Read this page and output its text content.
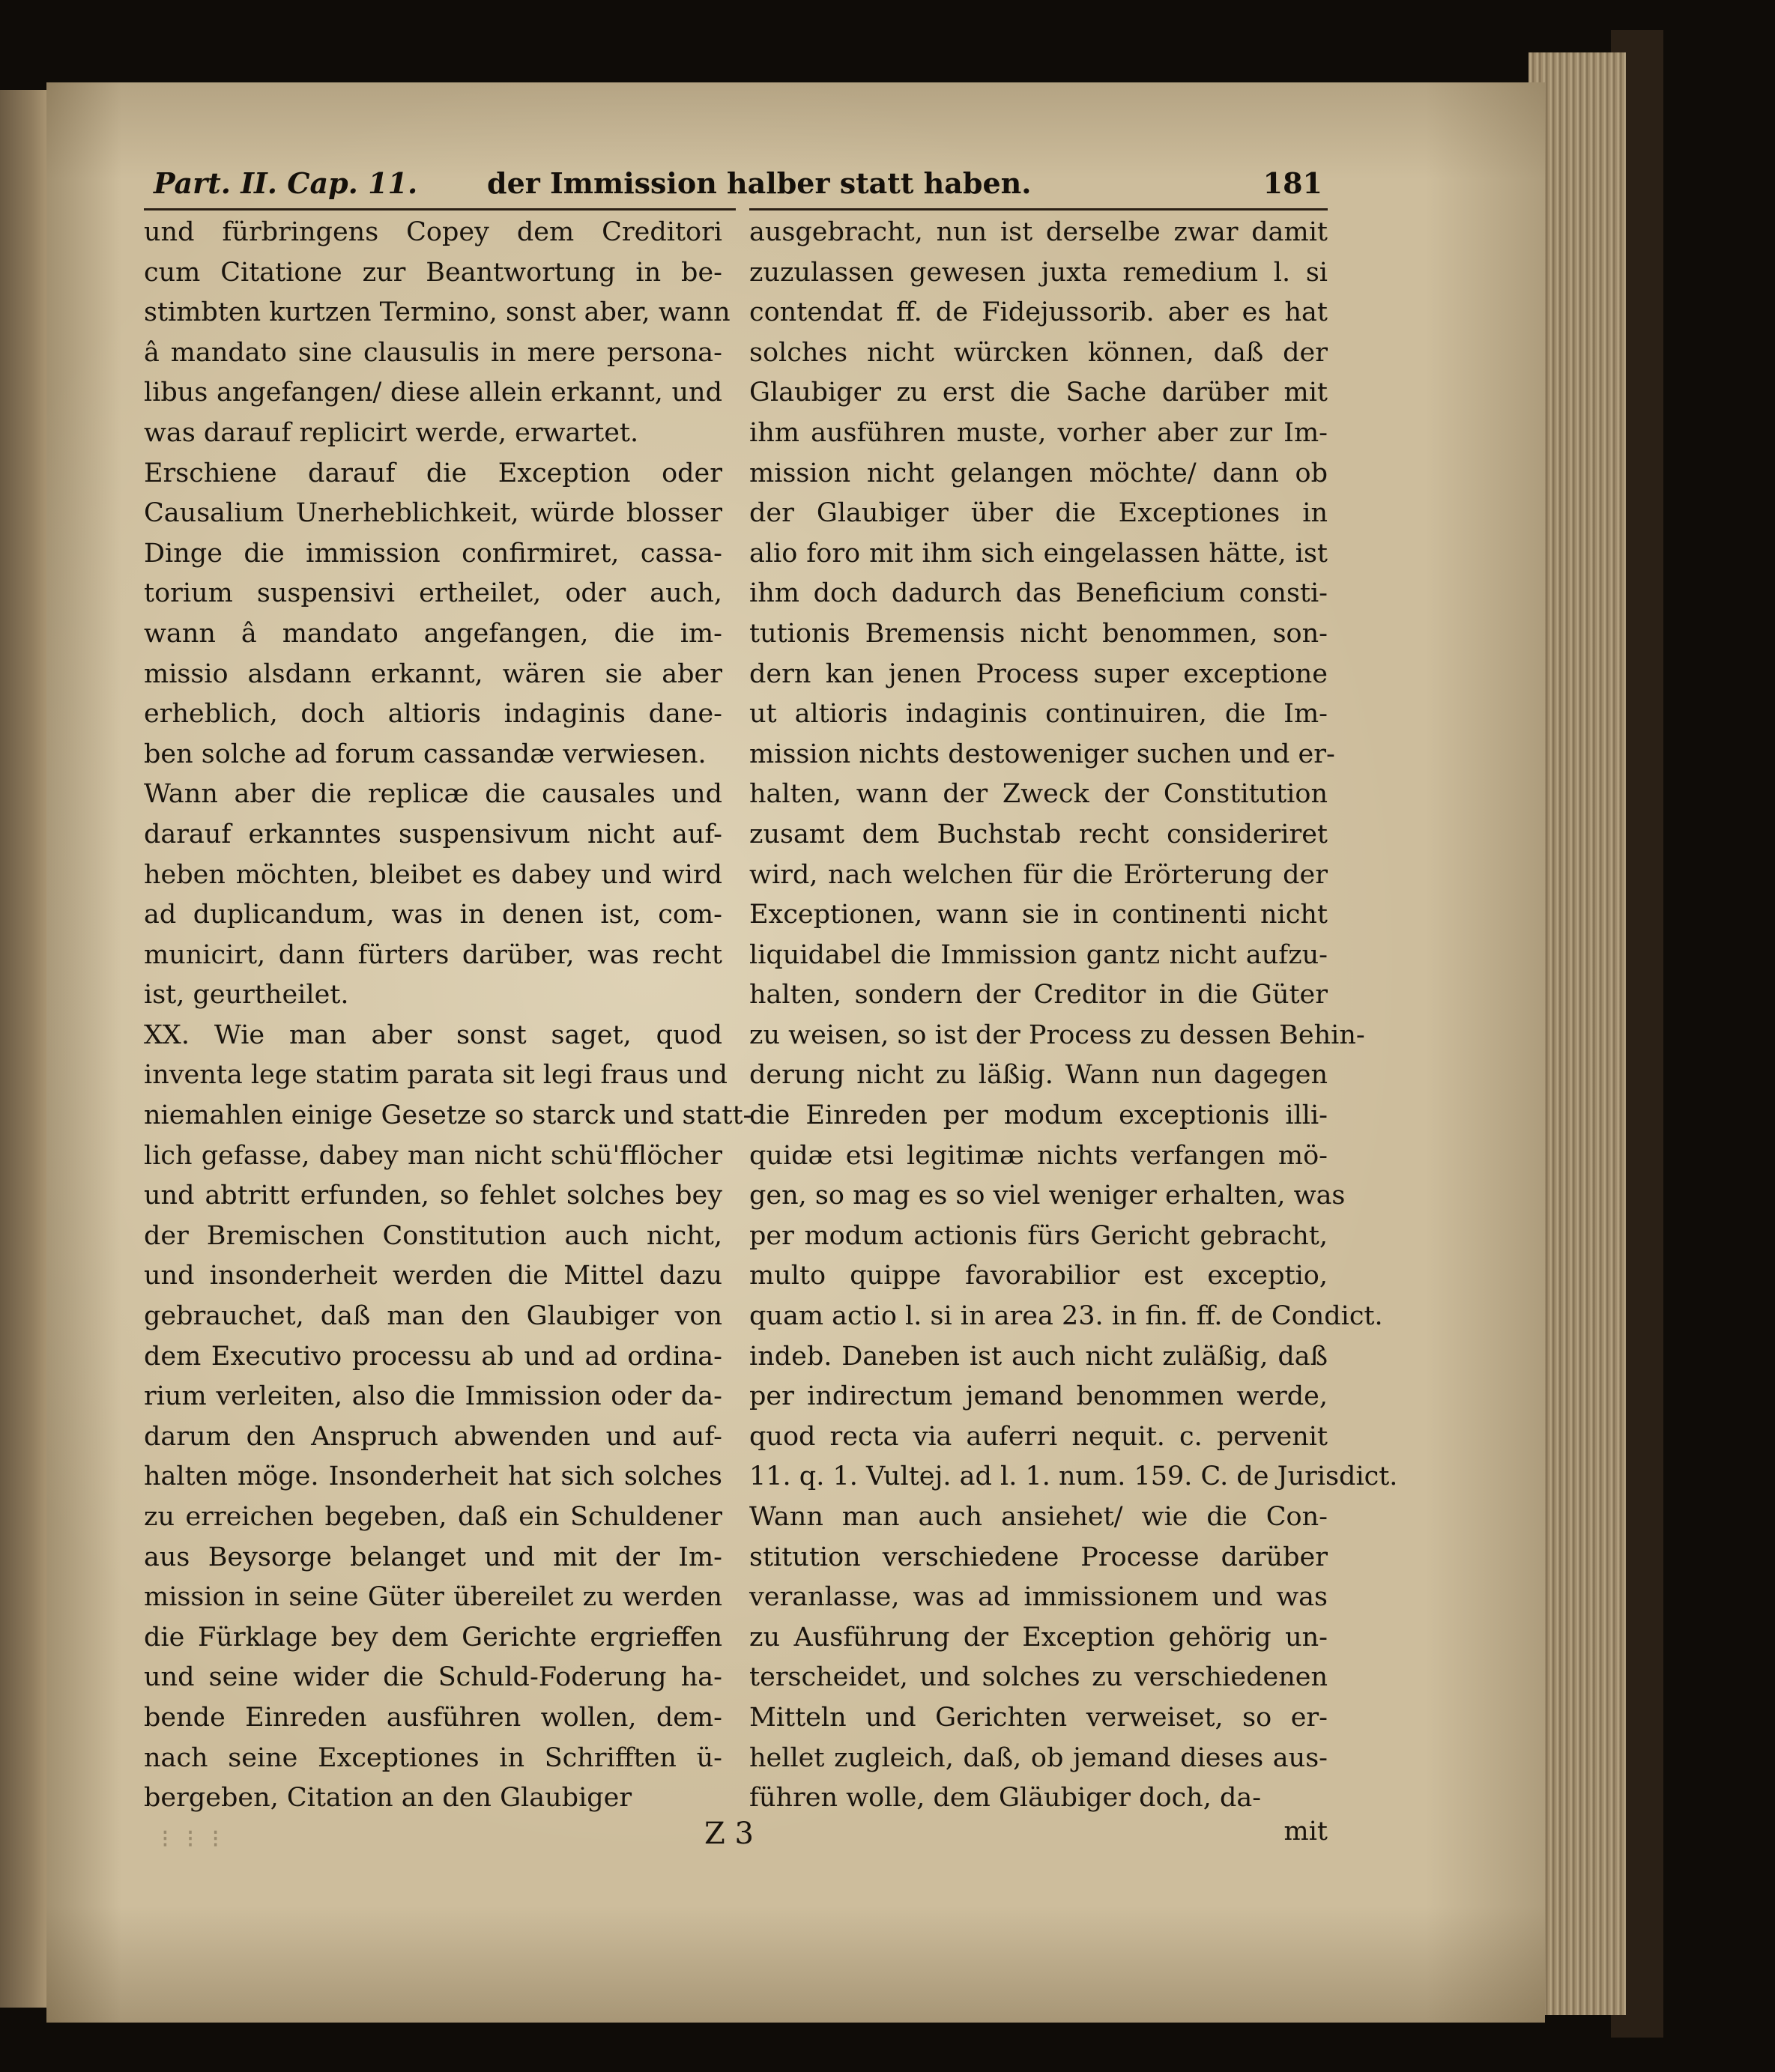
Part. II. Cap. 11. der Immission halber statt haben.	181
und fürbringens Copey dem Creditori
cum Citatione zur Beantwortung in be-
stimbten kurtzen Termino, sonst aber, wann
â mandato sine clausulis in mere persona-
libus angefangen/ diese allein erkannt, und
was darauf replicirt werde, erwartet.
Erschiene darauf die Exception oder
Causalium Unerheblichkeit, würde blosser
Dinge die immission confirmiret, cassa-
torium suspensivi ertheilet, oder auch,
wann â mandato angefangen, die im-
missio alsdann erkannt, wären sie aber
erheblich, doch altioris indaginis dane-
ben solche ad forum cassandæ verwiesen.
Wann aber die replicæ die causales und
darauf erkanntes suspensivum nicht auf-
heben möchten, bleibet es dabey und wird
ad duplicandum, was in denen ist, com-
municirt, dann fürters darüber, was recht
ist, geurtheilet.
XX. Wie man aber sonst saget, quod
inventa lege statim parata sit legi fraus und
niemahlen einige Gesetze so starck und statt-
lich gefasse, dabey man nicht schü'fflöcher
und abtritt erfunden, so fehlet solches bey
der Bremischen Constitution auch nicht,
und insonderheit werden die Mittel dazu
gebrauchet, daß man den Glaubiger von
dem Executivo processu ab und ad ordina-
rium verleiten, also die Immission oder da-
darum den Anspruch abwenden und auf-
halten möge. Insonderheit hat sich solches
zu erreichen begeben, daß ein Schuldener
aus Beysorge belanget und mit der Im-
mission in seine Güter übereilet zu werden
die Fürklage bey dem Gerichte ergrieffen
und seine wider die Schuld-Foderung ha-
bende Einreden ausführen wollen, dem-
nach seine Exceptiones in Schrifften ü-
bergeben, Citation an den Glaubiger
ausgebracht, nun ist derselbe zwar damit
zuzulassen gewesen juxta remedium l. si
contendat ff. de Fidejussorib. aber es hat
solches nicht würcken können, daß der
Glaubiger zu erst die Sache darüber mit
ihm ausführen muste, vorher aber zur Im-
mission nicht gelangen möchte/ dann ob
der Glaubiger über die Exceptiones in
alio foro mit ihm sich eingelassen hätte, ist
ihm doch dadurch das Beneficium consti-
tutionis Bremensis nicht benommen, son-
dern kan jenen Process super exceptione
ut altioris indaginis continuiren, die Im-
mission nichts destoweniger suchen und er-
halten, wann der Zweck der Constitution
zusamt dem Buchstab recht consideriret
wird, nach welchen für die Erörterung der
Exceptionen, wann sie in continenti nicht
liquidabel die Immission gantz nicht aufzu-
halten, sondern der Creditor in die Güter
zu weisen, so ist der Process zu dessen Behin-
derung nicht zu läßig. Wann nun dagegen
die Einreden per modum exceptionis illi-
quidæ etsi legitimæ nichts verfangen mö-
gen, so mag es so viel weniger erhalten, was
per modum actionis fürs Gericht gebracht,
multo quippe favorabilior est exceptio,
quam actio l. si in area 23. in fin. ff. de Condict.
indeb. Daneben ist auch nicht zuläßig, daß
per indirectum jemand benommen werde,
quod recta via auferri nequit. c. pervenit
11. q. 1. Vultej. ad l. 1. num. 159. C. de Jurisdict.
Wann man auch ansiehet/ wie die Con-
stitution verschiedene Processe darüber
veranlasse, was ad immissionem und was
zu Ausführung der Exception gehörig un-
terscheidet, und solches zu verschiedenen
Mitteln und Gerichten verweiset, so er-
hellet zugleich, daß, ob jemand dieses aus-
führen wolle, dem Gläubiger doch, da-
⁝ ⁝ ⁝	Z 3	mit
